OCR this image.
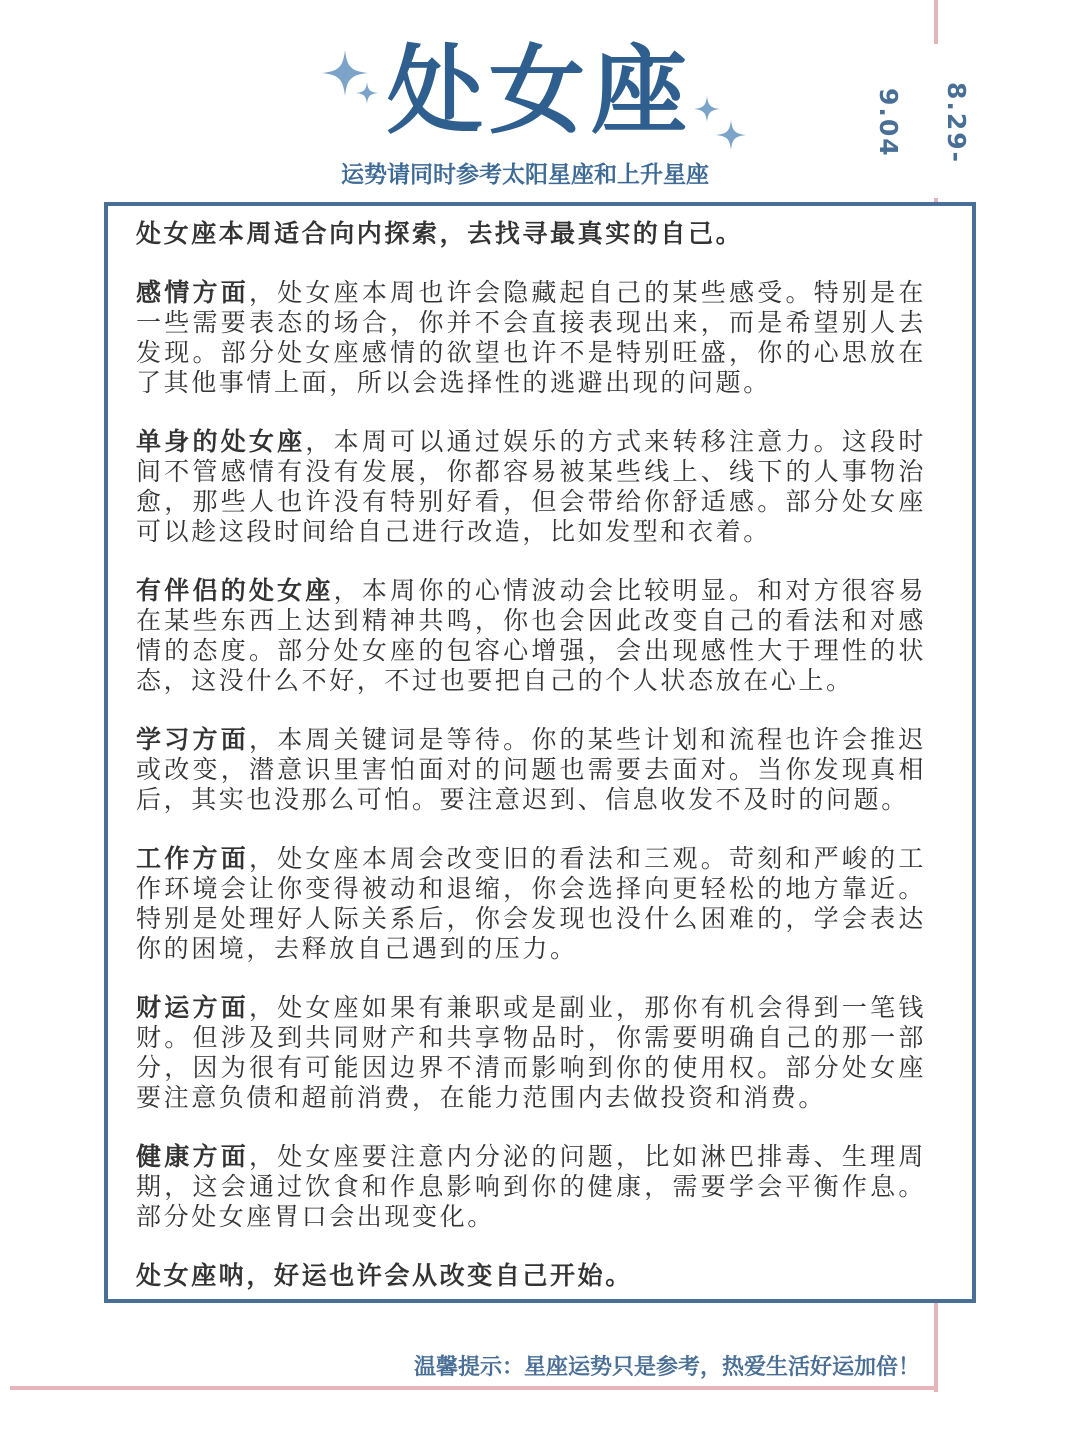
8.29-9.04
处女座
运势请同时参考太阳星座和上升星座

处女座本周适合向内探索，去找寻最真实的自己。

感情方面，处女座本周也许会隐藏起自己的某些感受。特别是在一些需要表态的场合，你并不会直接表现出来，而是希望别人去发现。部分处女座感情的欲望也许不是特别旺盛，你的心思放在了其他事情上面，所以会选择性的逃避出现的问题。

单身的处女座，本周可以通过娱乐的方式来转移注意力。这段时间不管感情有没有发展，你都容易被某些线上、线下的人事物治愈，那些人也许没有特别好看，但会带给你舒适感。部分处女座可以趁这段时间给自己进行改造，比如发型和衣着。

有伴侣的处女座，本周你的心情波动会比较明显。和对方很容易在某些东西上达到精神共鸣，你也会因此改变自己的看法和对感情的态度。部分处女座的包容心增强，会出现感性大于理性的状态，这没什么不好，不过也要把自己的个人状态放在心上。

学习方面，本周关键词是等待。你的某些计划和流程也许会推迟或改变，潜意识里害怕面对的问题也需要去面对。当你发现真相后，其实也没那么可怕。要注意迟到、信息收发不及时的问题。

工作方面，处女座本周会改变旧的看法和三观。苛刻和严峻的工作环境会让你变得被动和退缩，你会选择向更轻松的地方靠近。特别是处理好人际关系后，你会发现也没什么困难的，学会表达你的困境，去释放自己遇到的压力。

财运方面，处女座如果有兼职或是副业，那你有机会得到一笔钱财。但涉及到共同财产和共享物品时，你需要明确自己的那一部分，因为很有可能因边界不清而影响到你的使用权。部分处女座要注意负债和超前消费，在能力范围内去做投资和消费。

健康方面，处女座要注意内分泌的问题，比如淋巴排毒、生理周期，这会通过饮食和作息影响到你的健康，需要学会平衡作息。部分处女座胃口会出现变化。

处女座呐，好运也许会从改变自己开始。

温馨提示：星座运势只是参考，热爱生活好运加倍！
